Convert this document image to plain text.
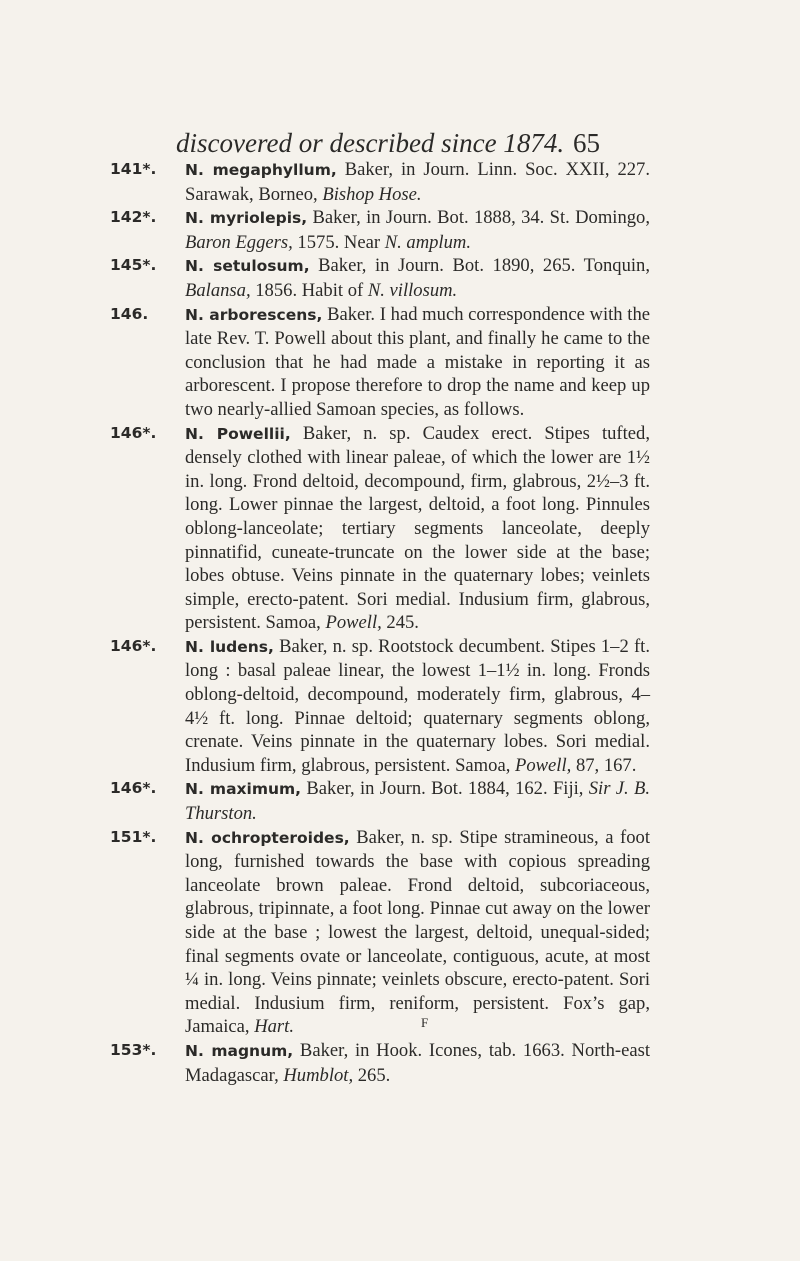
discovered or described since 1874. 65

141*.	N. megaphyllum, Baker, in Journ. Linn. Soc. XXII, 227. Sarawak, Borneo, Bishop Hose.

142*.	N. myriolepis, Baker, in Journ. Bot. 1888, 34. St. Domingo, Baron Eggers, 1575. Near N. amplum.

145*.	N. setulosum, Baker, in Journ. Bot. 1890, 265. Tonquin, Balansa, 1856. Habit of N. villosum.

146.	N. arborescens, Baker. I had much correspondence with the late Rev. T. Powell about this plant, and finally he came to the conclusion that he had made a mistake in reporting it as arborescent. I propose therefore to drop the name and keep up two nearly-allied Samoan species, as follows.

146*.	N. Powellii, Baker, n. sp. Caudex erect. Stipes tufted, densely clothed with linear paleae, of which the lower are 1½ in. long. Frond deltoid, decompound, firm, glabrous, 2½–3 ft. long. Lower pinnae the largest, deltoid, a foot long. Pinnules oblong-lanceolate; tertiary segments lanceolate, deeply pinnatifid, cuneate-truncate on the lower side at the base; lobes obtuse. Veins pinnate in the quaternary lobes; veinlets simple, erecto-patent. Sori medial. Indusium firm, glabrous, persistent. Samoa, Powell, 245.

146*.	N. ludens, Baker, n. sp. Rootstock decumbent. Stipes 1–2 ft. long : basal paleae linear, the lowest 1–1½ in. long. Fronds oblong-deltoid, decompound, moderately firm, glabrous, 4–4½ ft. long. Pinnae deltoid; quaternary segments oblong, crenate. Veins pinnate in the quaternary lobes. Sori medial. Indusium firm, glabrous, persistent. Samoa, Powell, 87, 167.

146*.	N. maximum, Baker, in Journ. Bot. 1884, 162. Fiji, Sir J. B. Thurston.

151*.	N. ochropteroides, Baker, n. sp. Stipe stramineous, a foot long, furnished towards the base with copious spreading lanceolate brown paleae. Frond deltoid, subcoriaceous, glabrous, tripinnate, a foot long. Pinnae cut away on the lower side at the base ; lowest the largest, deltoid, unequal-sided; final segments ovate or lanceolate, contiguous, acute, at most ¼ in. long. Veins pinnate; veinlets obscure, erecto-patent. Sori medial. Indusium firm, reniform, persistent. Fox’s gap, Jamaica, Hart.

153*.	N. magnum, Baker, in Hook. Icones, tab. 1663. North-east Madagascar, Humblot, 265.

F
